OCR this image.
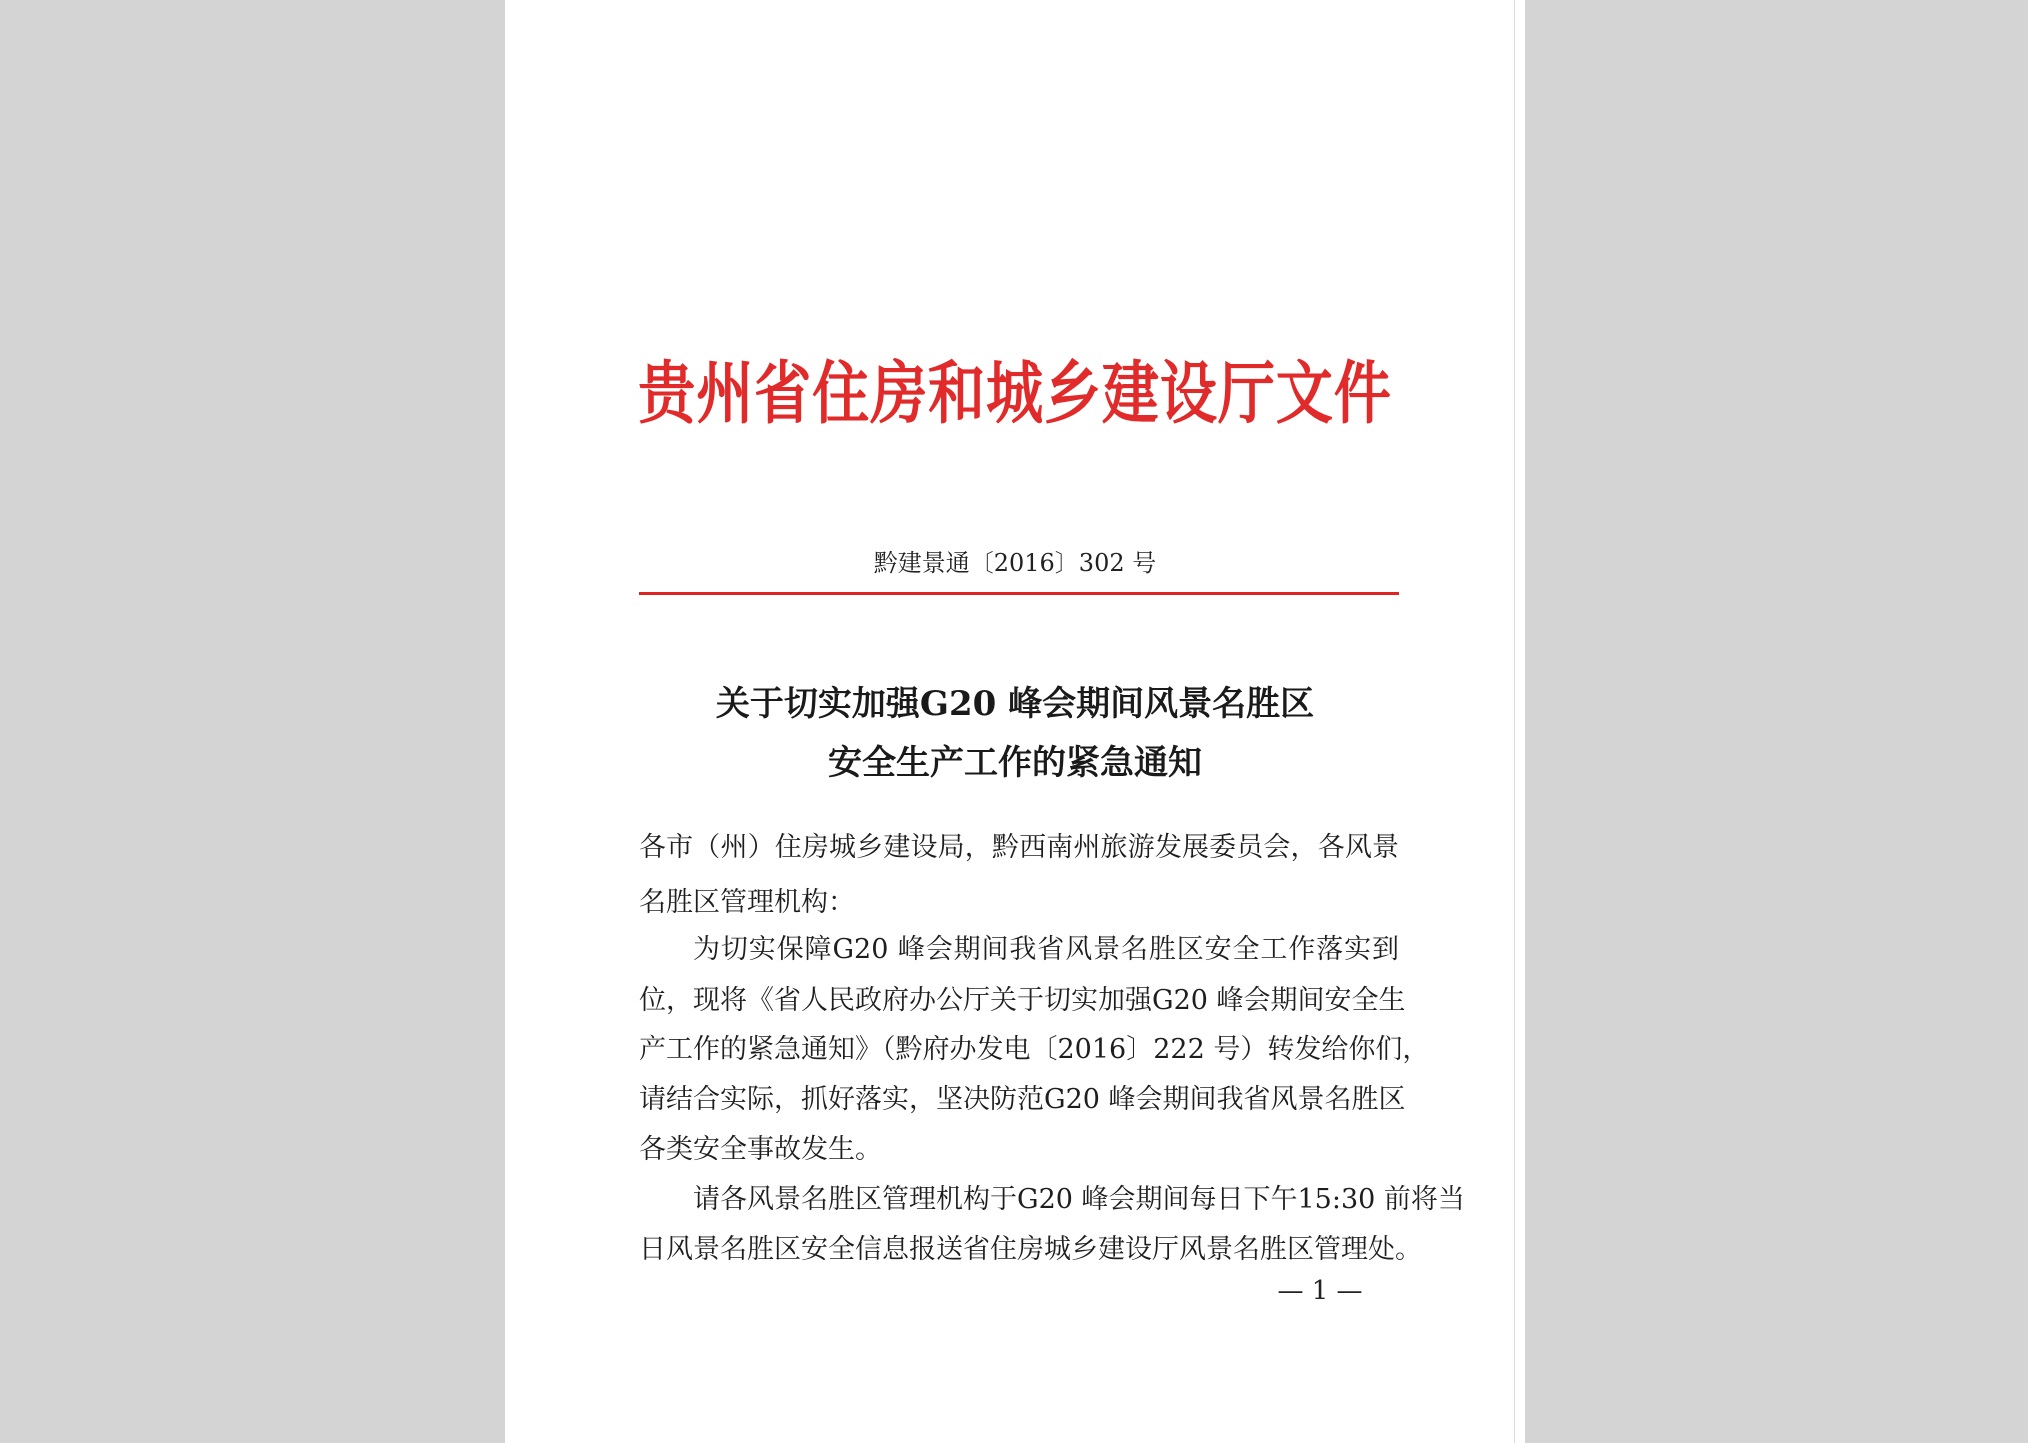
贵州省住房和城乡建设厅文件
黔建景通〔2016〕302 号
关于切实加强G20 峰会期间风景名胜区
安全生产工作的紧急通知
各市（州）住房城乡建设局，黔西南州旅游发展委员会，各风景
名胜区管理机构：
为切实保障G20 峰会期间我省风景名胜区安全工作落实到
位，现将《省人民政府办公厅关于切实加强G20 峰会期间安全生
产工作的紧急通知》（黔府办发电〔2016〕222 号）转发给你们，
请结合实际，抓好落实，坚决防范G20 峰会期间我省风景名胜区
各类安全事故发生。
请各风景名胜区管理机构于G20 峰会期间每日下午15:30 前将当
日风景名胜区安全信息报送省住房城乡建设厅风景名胜区管理处。
— 1 —
